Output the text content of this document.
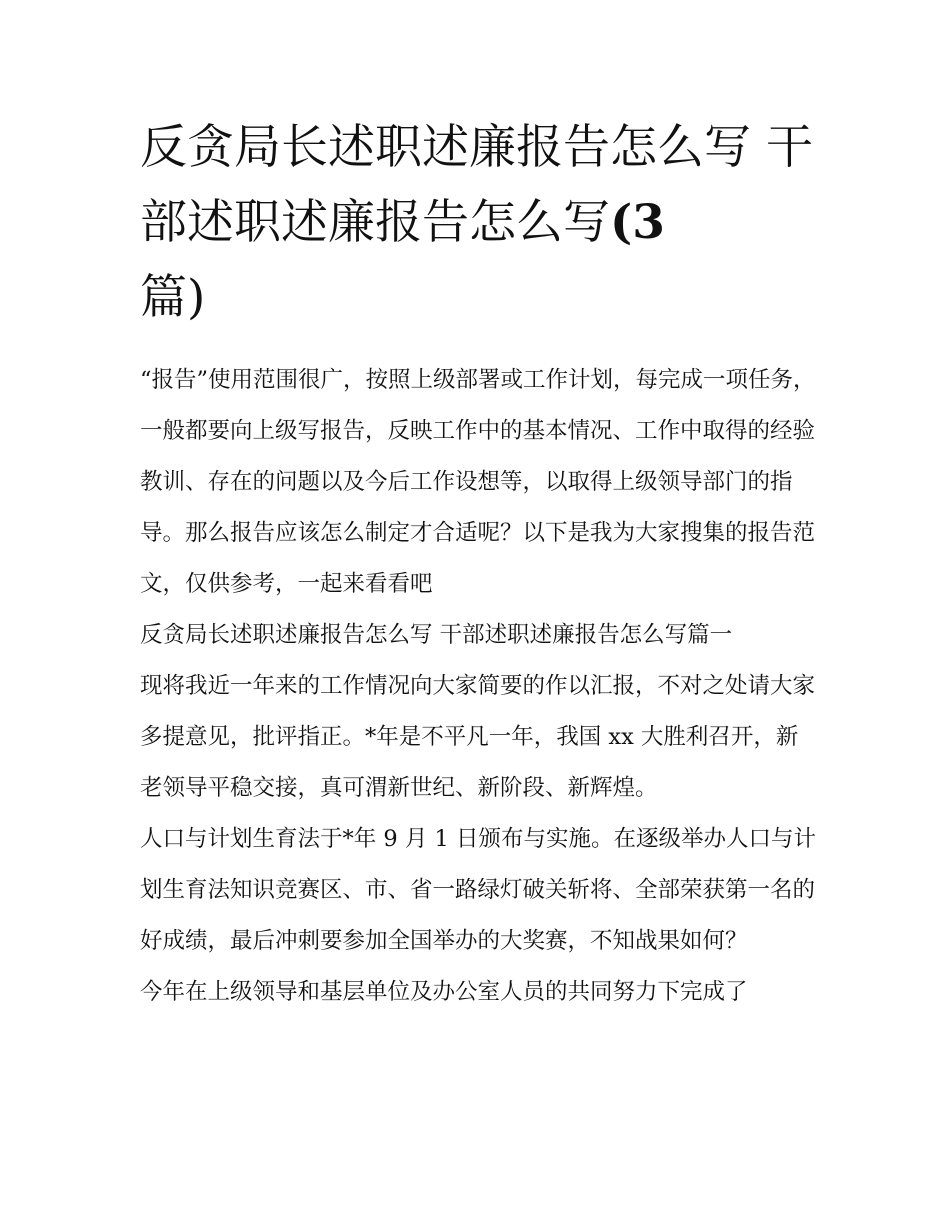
反贪局长述职述廉报告怎么写 干部述职述廉报告怎么写(3
篇)

“报告”使用范围很广，按照上级部署或工作计划，每完成一项任务，一般都要向上级写报告，反映工作中的基本情况、工作中取得的经验教训、存在的问题以及今后工作设想等，以取得上级领导部门的指导。那么报告应该怎么制定才合适呢？以下是我为大家搜集的报告范文，仅供参考，一起来看看吧

反贪局长述职述廉报告怎么写 干部述职述廉报告怎么写篇一

现将我近一年来的工作情况向大家简要的作以汇报，不对之处请大家多提意见，批评指正。*年是不平凡一年，我国 xx 大胜利召开，新老领导平稳交接，真可渭新世纪、新阶段、新辉煌。

人口与计划生育法于*年 9 月 1 日颁布与实施。在逐级举办人口与计划生育法知识竞赛区、市、省一路绿灯破关斩将、全部荣获第一名的好成绩，最后冲刺要参加全国举办的大奖赛，不知战果如何？

今年在上级领导和基层单位及办公室人员的共同努力下完成了
